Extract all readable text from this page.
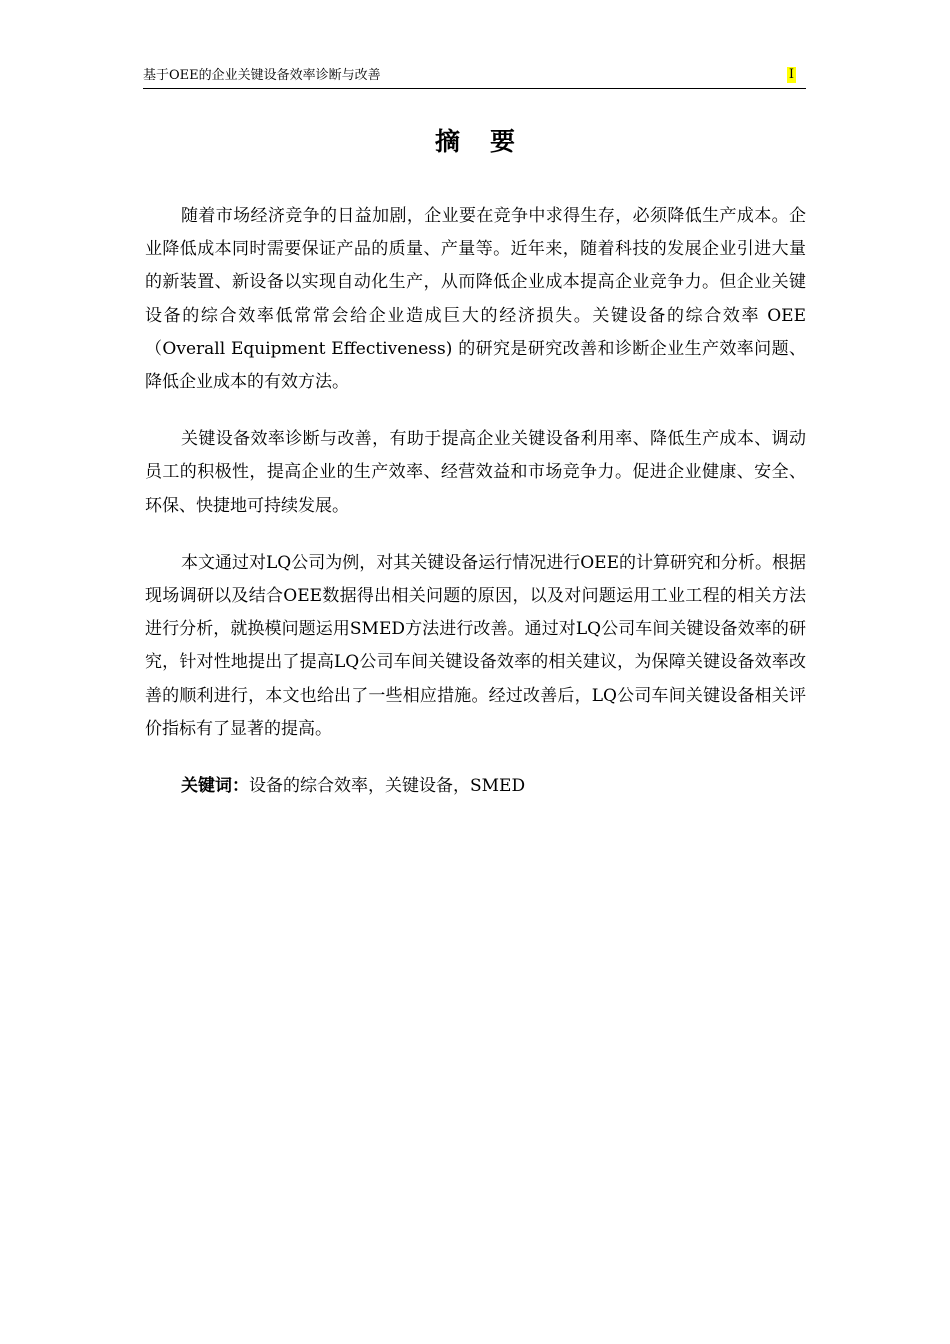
基于OEE的企业关键设备效率诊断与改善	I
摘要

随着市场经济竞争的日益加剧，企业要在竞争中求得生存，必须降低生产成本。企业降低成本同时需要保证产品的质量、产量等。近年来，随着科技的发展企业引进大量的新装置、新设备以实现自动化生产，从而降低企业成本提高企业竞争力。但企业关键设备的综合效率低常常会给企业造成巨大的经济损失。关键设备的综合效率 OEE（Overall Equipment Effectiveness) 的研究是研究改善和诊断企业生产效率问题、降低企业成本的有效方法。

关键设备效率诊断与改善，有助于提高企业关键设备利用率、降低生产成本、调动员工的积极性，提高企业的生产效率、经营效益和市场竞争力。促进企业健康、安全、环保、快捷地可持续发展。

本文通过对LQ公司为例，对其关键设备运行情况进行OEE的计算研究和分析。根据现场调研以及结合OEE数据得出相关问题的原因，以及对问题运用工业工程的相关方法进行分析，就换模问题运用SMED方法进行改善。通过对LQ公司车间关键设备效率的研究，针对性地提出了提高LQ公司车间关键设备效率的相关建议，为保障关键设备效率改善的顺利进行，本文也给出了一些相应措施。经过改善后，LQ公司车间关键设备相关评价指标有了显著的提高。

关键词：设备的综合效率，关键设备，SMED
